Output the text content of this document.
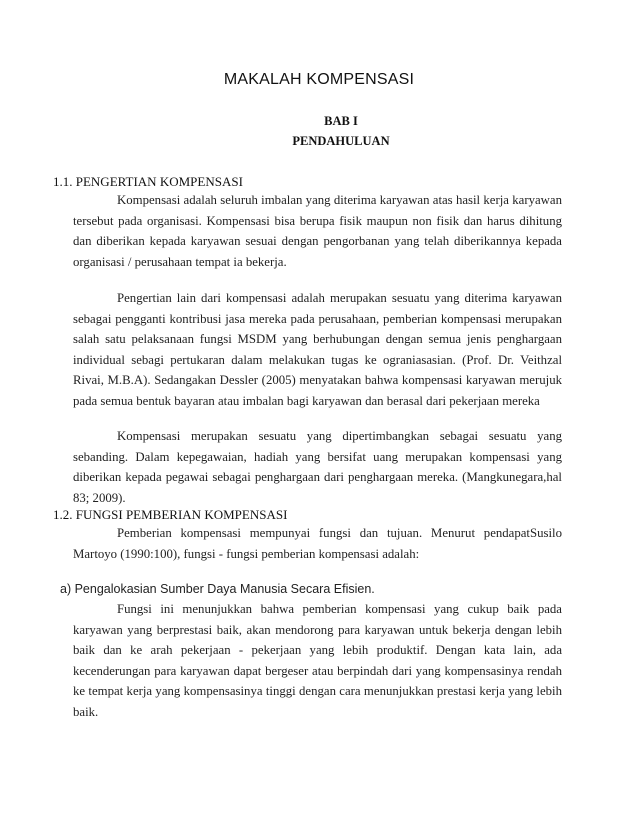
MAKALAH KOMPENSASI
BAB I
PENDAHULUAN
1.1. PENGERTIAN KOMPENSASI
Kompensasi adalah seluruh imbalan yang diterima karyawan atas hasil kerja karyawan tersebut pada organisasi. Kompensasi bisa berupa fisik maupun non fisik dan harus dihitung dan diberikan kepada karyawan sesuai dengan pengorbanan yang telah diberikannya kepada organisasi / perusahaan tempat ia bekerja.
Pengertian lain dari kompensasi adalah merupakan sesuatu yang diterima karyawan sebagai pengganti kontribusi jasa mereka pada perusahaan, pemberian kompensasi merupakan salah satu pelaksanaan fungsi MSDM yang berhubungan dengan semua jenis penghargaan individual sebagi pertukaran dalam melakukan tugas ke ograniasasian. (Prof. Dr. Veithzal Rivai, M.B.A). Sedangakan Dessler (2005) menyatakan bahwa kompensasi karyawan merujuk pada semua bentuk bayaran atau imbalan bagi karyawan dan berasal dari pekerjaan mereka
Kompensasi merupakan sesuatu yang dipertimbangkan sebagai sesuatu yang sebanding. Dalam kepegawaian, hadiah yang bersifat uang merupakan kompensasi yang diberikan kepada pegawai sebagai penghargaan dari penghargaan mereka. (Mangkunegara,hal 83; 2009).
1.2. FUNGSI PEMBERIAN KOMPENSASI
Pemberian kompensasi mempunyai fungsi dan tujuan. Menurut pendapatSusilo Martoyo (1990:100), fungsi - fungsi pemberian kompensasi adalah:
a) Pengalokasian Sumber Daya Manusia Secara Efisien.
Fungsi ini menunjukkan bahwa pemberian kompensasi yang cukup baik pada karyawan yang berprestasi baik, akan mendorong para karyawan untuk bekerja dengan lebih baik dan ke arah pekerjaan - pekerjaan yang lebih produktif. Dengan kata lain, ada kecenderungan para karyawan dapat bergeser atau berpindah dari yang kompensasinya rendah ke tempat kerja yang kompensasinya tinggi dengan cara menunjukkan prestasi kerja yang lebih baik.
